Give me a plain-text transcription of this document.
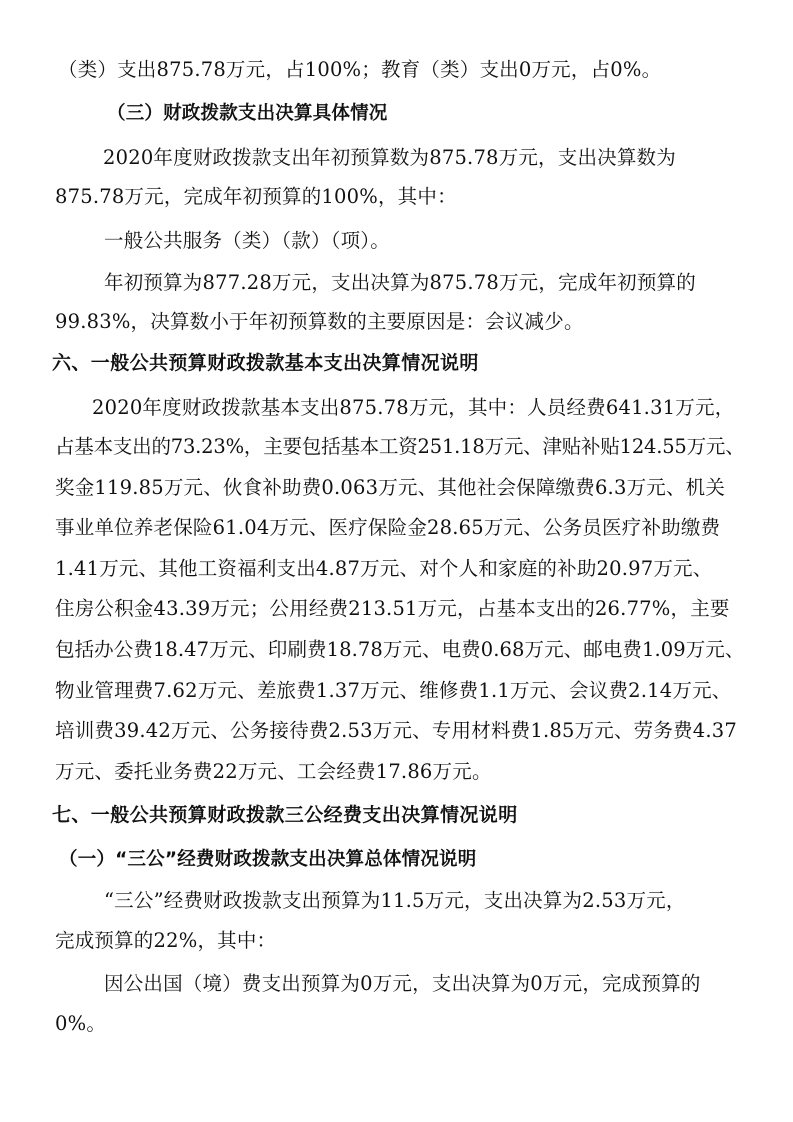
（类）支出875.78万元，占100%；教育（类）支出0万元，占0%。
（三）财政拨款支出决算具体情况
2020年度财政拨款支出年初预算数为875.78万元，支出决算数为
875.78万元，完成年初预算的100%，其中：
一般公共服务（类）（款）（项）。
年初预算为877.28万元，支出决算为875.78万元，完成年初预算的
99.83%，决算数小于年初预算数的主要原因是：会议减少。
六、一般公共预算财政拨款基本支出决算情况说明
2020年度财政拨款基本支出875.78万元，其中：人员经费641.31万元，
占基本支出的73.23%，主要包括基本工资251.18万元、津贴补贴124.55万元、
奖金119.85万元、伙食补助费0.063万元、其他社会保障缴费6.3万元、机关
事业单位养老保险61.04万元、医疗保险金28.65万元、公务员医疗补助缴费
1.41万元、其他工资福利支出4.87万元、对个人和家庭的补助20.97万元、
住房公积金43.39万元；公用经费213.51万元，占基本支出的26.77%，主要
包括办公费18.47万元、印刷费18.78万元、电费0.68万元、邮电费1.09万元、
物业管理费7.62万元、差旅费1.37万元、维修费1.1万元、会议费2.14万元、
培训费39.42万元、公务接待费2.53万元、专用材料费1.85万元、劳务费4.37
万元、委托业务费22万元、工会经费17.86万元。
七、一般公共预算财政拨款三公经费支出决算情况说明
（一）“三公”经费财政拨款支出决算总体情况说明
“三公”经费财政拨款支出预算为11.5万元，支出决算为2.53万元，
完成预算的22%，其中：
因公出国（境）费支出预算为0万元，支出决算为0万元，完成预算的
0%。
